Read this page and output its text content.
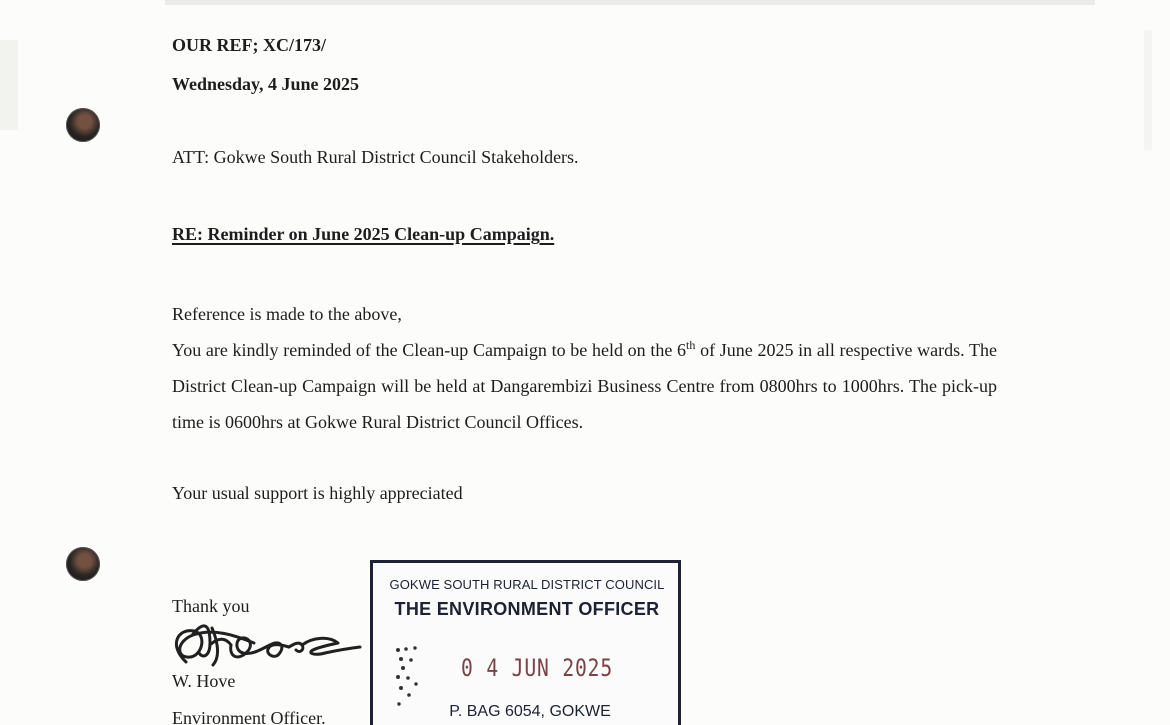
OUR REF; XC/173/
Wednesday, 4 June 2025
ATT: Gokwe South Rural District Council Stakeholders.
RE: Reminder on June 2025 Clean-up Campaign.

Reference is made to the above,

You are kindly reminded of the Clean-up Campaign to be held on the 6th of June 2025 in all respective wards. The District Clean-up Campaign will be held at Dangarembizi Business Centre from 0800hrs to 1000hrs. The pick-up time is 0600hrs at Gokwe Rural District Council Offices.

Your usual support is highly appreciated
Thank you
W. Hove
Environment Officer.
GOKWE SOUTH RURAL DISTRICT COUNCIL
THE ENVIRONMENT OFFICER
0 4 JUN 2025
P. BAG 6054, GOKWE
